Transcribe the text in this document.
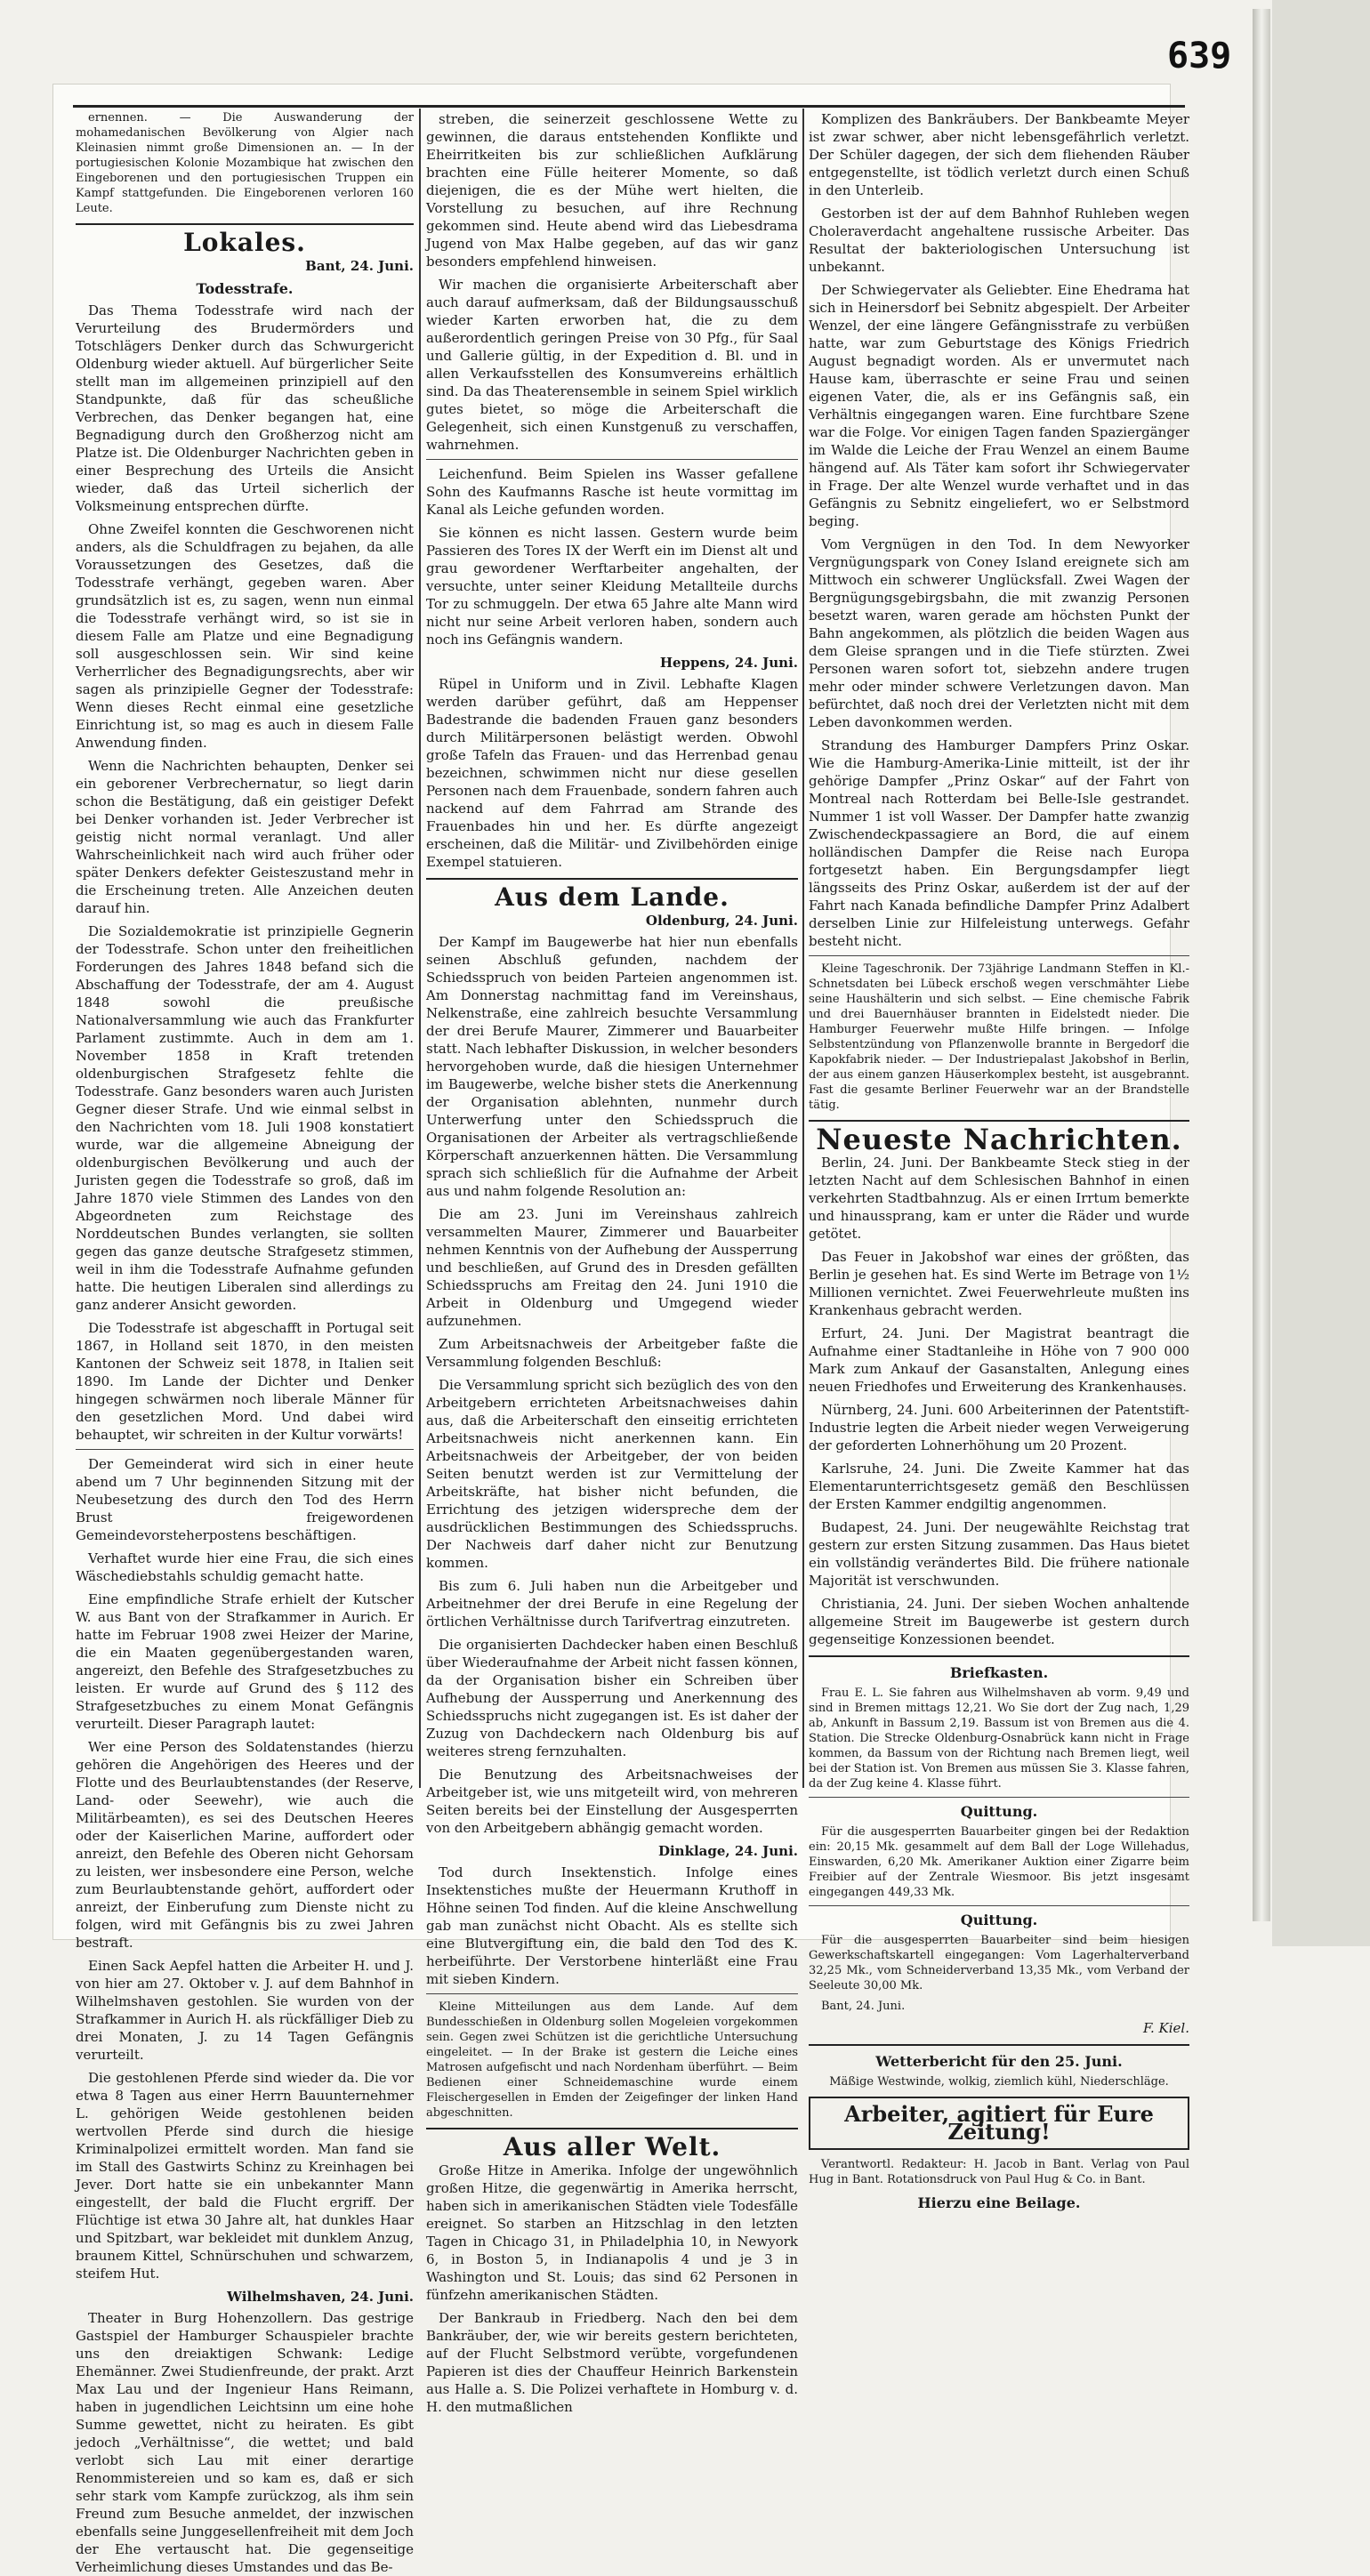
639

ernennen. — Die Auswanderung der mohamedanischen Bevölkerung von Algier nach Kleinasien nimmt große Dimensionen an. — In der portugiesischen Kolonie Mozambique hat zwischen den Eingeborenen und den portugiesischen Truppen ein Kampf stattgefunden. Die Eingeborenen verloren 160 Leute.

Lokales.
Bant, 24. Juni.
Todesstrafe.

Das Thema Todesstrafe wird nach der Verurteilung des Brudermörders und Totschlägers Denker durch das Schwurgericht Oldenburg wieder aktuell. Auf bürgerlicher Seite stellt man im allgemeinen prinzipiell auf den Standpunkte, daß für das scheußliche Verbrechen, das Denker begangen hat, eine Begnadigung durch den Großherzog nicht am Platze ist. Die Oldenburger Nachrichten geben in einer Besprechung des Urteils die Ansicht wieder, daß das Urteil sicherlich der Volksmeinung entsprechen dürfte.

Ohne Zweifel konnten die Geschworenen nicht anders, als die Schuldfragen zu bejahen, da alle Voraussetzungen des Gesetzes, daß die Todesstrafe verhängt, gegeben waren. Aber grundsätzlich ist es, zu sagen, wenn nun einmal die Todesstrafe verhängt wird, so ist sie in diesem Falle am Platze und eine Begnadigung soll ausgeschlossen sein. Wir sind keine Verherrlicher des Begnadigungsrechts, aber wir sagen als prinzipielle Gegner der Todesstrafe: Wenn dieses Recht einmal eine gesetzliche Einrichtung ist, so mag es auch in diesem Falle Anwendung finden.

Wenn die Nachrichten behaupten, Denker sei ein geborener Verbrechernatur, so liegt darin schon die Bestätigung, daß ein geistiger Defekt bei Denker vorhanden ist. Jeder Verbrecher ist geistig nicht normal veranlagt. Und aller Wahrscheinlichkeit nach wird auch früher oder später Denkers defekter Geisteszustand mehr in die Erscheinung treten. Alle Anzeichen deuten darauf hin.

Die Sozialdemokratie ist prinzipielle Gegnerin der Todesstrafe. Schon unter den freiheitlichen Forderungen des Jahres 1848 befand sich die Abschaffung der Todesstrafe, der am 4. August 1848 sowohl die preußische Nationalversammlung wie auch das Frankfurter Parlament zustimmte. Auch in dem am 1. November 1858 in Kraft tretenden oldenburgischen Strafgesetz fehlte die Todesstrafe. Ganz besonders waren auch Juristen Gegner dieser Strafe. Und wie einmal selbst in den Nachrichten vom 18. Juli 1908 konstatiert wurde, war die allgemeine Abneigung der oldenburgischen Bevölkerung und auch der Juristen gegen die Todesstrafe so groß, daß im Jahre 1870 viele Stimmen des Landes von den Abgeordneten zum Reichstage des Norddeutschen Bundes verlangten, sie sollten gegen das ganze deutsche Strafgesetz stimmen, weil in ihm die Todesstrafe Aufnahme gefunden hatte. Die heutigen Liberalen sind allerdings zu ganz anderer Ansicht geworden.

Die Todesstrafe ist abgeschafft in Portugal seit 1867, in Holland seit 1870, in den meisten Kantonen der Schweiz seit 1878, in Italien seit 1890. Im Lande der Dichter und Denker hingegen schwärmen noch liberale Männer für den gesetzlichen Mord. Und dabei wird behauptet, wir schreiten in der Kultur vorwärts!

Der Gemeinderat wird sich in einer heute abend um 7 Uhr beginnenden Sitzung mit der Neubesetzung des durch den Tod des Herrn Brust freigewordenen Gemeindevorsteherpostens beschäftigen.

Verhaftet wurde hier eine Frau, die sich eines Wäschediebstahls schuldig gemacht hatte.

Eine empfindliche Strafe erhielt der Kutscher W. aus Bant von der Strafkammer in Aurich. Er hatte im Februar 1908 zwei Heizer der Marine, die ein Maaten gegenübergestanden waren, angereizt, den Befehle des Strafgesetzbuches zu leisten. Er wurde auf Grund des § 112 des Strafgesetzbuches zu einem Monat Gefängnis verurteilt. Dieser Paragraph lautet:

Wer eine Person des Soldatenstandes (hierzu gehören die Angehörigen des Heeres und der Flotte und des Beurlaubtenstandes (der Reserve, Land- oder Seewehr), wie auch die Militärbeamten), es sei des Deutschen Heeres oder der Kaiserlichen Marine, auffordert oder anreizt, den Befehle des Oberen nicht Gehorsam zu leisten, wer insbesondere eine Person, welche zum Beurlaubtenstande gehört, auffordert oder anreizt, der Einberufung zum Dienste nicht zu folgen, wird mit Gefängnis bis zu zwei Jahren bestraft.

Einen Sack Aepfel hatten die Arbeiter H. und J. von hier am 27. Oktober v. J. auf dem Bahnhof in Wilhelmshaven gestohlen. Sie wurden von der Strafkammer in Aurich H. als rückfälliger Dieb zu drei Monaten, J. zu 14 Tagen Gefängnis verurteilt.

Die gestohlenen Pferde sind wieder da. Die vor etwa 8 Tagen aus einer Herrn Bauunternehmer L. gehörigen Weide gestohlenen beiden wertvollen Pferde sind durch die hiesige Kriminalpolizei ermittelt worden. Man fand sie im Stall des Gastwirts Schinz zu Kreinhagen bei Jever. Dort hatte sie ein unbekannter Mann eingestellt, der bald die Flucht ergriff. Der Flüchtige ist etwa 30 Jahre alt, hat dunkles Haar und Spitzbart, war bekleidet mit dunklem Anzug, braunem Kittel, Schnürschuhen und schwarzem, steifem Hut.

Wilhelmshaven, 24. Juni.

Theater in Burg Hohenzollern. Das gestrige Gastspiel der Hamburger Schauspieler brachte uns den dreiaktigen Schwank: Ledige Ehemänner. Zwei Studienfreunde, der prakt. Arzt Max Lau und der Ingenieur Hans Reimann, haben in jugendlichen Leichtsinn um eine hohe Summe gewettet, nicht zu heiraten. Es gibt jedoch „Verhältnisse“, die wettet; und bald verlobt sich Lau mit einer derartige Renommistereien und so kam es, daß er sich sehr stark vom Kampfe zurückzog, als ihm sein Freund zum Besuche anmeldet, der inzwischen ebenfalls seine Junggesellenfreiheit mit dem Joch der Ehe vertauscht hat. Die gegenseitige Verheimlichung dieses Umstandes und das Be-

streben, die seinerzeit geschlossene Wette zu gewinnen, die daraus entstehenden Konflikte und Eheirritkeiten bis zur schließlichen Aufklärung brachten eine Fülle heiterer Momente, so daß diejenigen, die es der Mühe wert hielten, die Vorstellung zu besuchen, auf ihre Rechnung gekommen sind. Heute abend wird das Liebesdrama Jugend von Max Halbe gegeben, auf das wir ganz besonders empfehlend hinweisen.

Wir machen die organisierte Arbeiterschaft aber auch darauf aufmerksam, daß der Bildungsausschuß wieder Karten erworben hat, die zu dem außerordentlich geringen Preise von 30 Pfg., für Saal und Gallerie gültig, in der Expedition d. Bl. und in allen Verkaufsstellen des Konsumvereins erhältlich sind. Da das Theaterensemble in seinem Spiel wirklich gutes bietet, so möge die Arbeiterschaft die Gelegenheit, sich einen Kunstgenuß zu verschaffen, wahrnehmen.

Leichenfund. Beim Spielen ins Wasser gefallene Sohn des Kaufmanns Rasche ist heute vormittag im Kanal als Leiche gefunden worden.

Sie können es nicht lassen. Gestern wurde beim Passieren des Tores IX der Werft ein im Dienst alt und grau gewordener Werftarbeiter angehalten, der versuchte, unter seiner Kleidung Metallteile durchs Tor zu schmuggeln. Der etwa 65 Jahre alte Mann wird nicht nur seine Arbeit verloren haben, sondern auch noch ins Gefängnis wandern.

Heppens, 24. Juni.

Rüpel in Uniform und in Zivil. Lebhafte Klagen werden darüber geführt, daß am Heppenser Badestrande die badenden Frauen ganz besonders durch Militärpersonen belästigt werden. Obwohl große Tafeln das Frauen- und das Herrenbad genau bezeichnen, schwimmen nicht nur diese gesellen Personen nach dem Frauenbade, sondern fahren auch nackend auf dem Fahrrad am Strande des Frauenbades hin und her. Es dürfte angezeigt erscheinen, daß die Militär- und Zivilbehörden einige Exempel statuieren.

Aus dem Lande.
Oldenburg, 24. Juni.

Der Kampf im Baugewerbe hat hier nun ebenfalls seinen Abschluß gefunden, nachdem der Schiedsspruch von beiden Parteien angenommen ist. Am Donnerstag nachmittag fand im Vereinshaus, Nelkenstraße, eine zahlreich besuchte Versammlung der drei Berufe Maurer, Zimmerer und Bauarbeiter statt. Nach lebhafter Diskussion, in welcher besonders hervorgehoben wurde, daß die hiesigen Unternehmer im Baugewerbe, welche bisher stets die Anerkennung der Organisation ablehnten, nunmehr durch Unterwerfung unter den Schiedsspruch die Organisationen der Arbeiter als vertragschließende Körperschaft anzuerkennen hätten. Die Versammlung sprach sich schließlich für die Aufnahme der Arbeit aus und nahm folgende Resolution an:

Die am 23. Juni im Vereinshaus zahlreich versammelten Maurer, Zimmerer und Bauarbeiter nehmen Kenntnis von der Aufhebung der Aussperrung und beschließen, auf Grund des in Dresden gefällten Schiedsspruchs am Freitag den 24. Juni 1910 die Arbeit in Oldenburg und Umgegend wieder aufzunehmen.

Zum Arbeitsnachweis der Arbeitgeber faßte die Versammlung folgenden Beschluß:

Die Versammlung spricht sich bezüglich des von den Arbeitgebern errichteten Arbeitsnachweises dahin aus, daß die Arbeiterschaft den einseitig errichteten Arbeitsnachweis nicht anerkennen kann. Ein Arbeitsnachweis der Arbeitgeber, der von beiden Seiten benutzt werden ist zur Vermittelung der Arbeitskräfte, hat bisher nicht befunden, die Errichtung des jetzigen widerspreche dem der ausdrücklichen Bestimmungen des Schiedsspruchs. Der Nachweis darf daher nicht zur Benutzung kommen.

Bis zum 6. Juli haben nun die Arbeitgeber und Arbeitnehmer der drei Berufe in eine Regelung der örtlichen Verhältnisse durch Tarifvertrag einzutreten.

Die organisierten Dachdecker haben einen Beschluß über Wiederaufnahme der Arbeit nicht fassen können, da der Organisation bisher ein Schreiben über Aufhebung der Aussperrung und Anerkennung des Schiedsspruchs nicht zugegangen ist. Es ist daher der Zuzug von Dachdeckern nach Oldenburg bis auf weiteres streng fernzuhalten.

Die Benutzung des Arbeitsnachweises der Arbeitgeber ist, wie uns mitgeteilt wird, von mehreren Seiten bereits bei der Einstellung der Ausgesperrten von den Arbeitgebern abhängig gemacht worden.

Dinklage, 24. Juni.

Tod durch Insektenstich. Infolge eines Insektenstiches mußte der Heuermann Kruthoff in Höhne seinen Tod finden. Auf die kleine Anschwellung gab man zunächst nicht Obacht. Als es stellte sich eine Blutvergiftung ein, die bald den Tod des K. herbeiführte. Der Verstorbene hinterläßt eine Frau mit sieben Kindern.

Kleine Mitteilungen aus dem Lande. Auf dem Bundesschießen in Oldenburg sollen Mogeleien vorgekommen sein. Gegen zwei Schützen ist die gerichtliche Untersuchung eingeleitet. — In der Brake ist gestern die Leiche eines Matrosen aufgefischt und nach Nordenham überführt. — Beim Bedienen einer Schneidemaschine wurde einem Fleischergesellen in Emden der Zeigefinger der linken Hand abgeschnitten.

Aus aller Welt.

Große Hitze in Amerika. Infolge der ungewöhnlich großen Hitze, die gegenwärtig in Amerika herrscht, haben sich in amerikanischen Städten viele Todesfälle ereignet. So starben an Hitzschlag in den letzten Tagen in Chicago 31, in Philadelphia 10, in Newyork 6, in Boston 5, in Indianapolis 4 und je 3 in Washington und St. Louis; das sind 62 Personen in fünfzehn amerikanischen Städten.

Der Bankraub in Friedberg. Nach den bei dem Bankräuber, der, wie wir bereits gestern berichteten, auf der Flucht Selbstmord verübte, vorgefundenen Papieren ist dies der Chauffeur Heinrich Barkenstein aus Halle a. S. Die Polizei verhaftete in Homburg v. d. H. den mutmaßlichen

Komplizen des Bankräubers. Der Bankbeamte Meyer ist zwar schwer, aber nicht lebensgefährlich verletzt. Der Schüler dagegen, der sich dem fliehenden Räuber entgegenstellte, ist tödlich verletzt durch einen Schuß in den Unterleib.

Gestorben ist der auf dem Bahnhof Ruhleben wegen Choleraverdacht angehaltene russische Arbeiter. Das Resultat der bakteriologischen Untersuchung ist unbekannt.

Der Schwiegervater als Geliebter. Eine Ehedrama hat sich in Heinersdorf bei Sebnitz abgespielt. Der Arbeiter Wenzel, der eine längere Gefängnisstrafe zu verbüßen hatte, war zum Geburtstage des Königs Friedrich August begnadigt worden. Als er unvermutet nach Hause kam, überraschte er seine Frau und seinen eigenen Vater, die, als er ins Gefängnis saß, ein Verhältnis eingegangen waren. Eine furchtbare Szene war die Folge. Vor einigen Tagen fanden Spaziergänger im Walde die Leiche der Frau Wenzel an einem Baume hängend auf. Als Täter kam sofort ihr Schwiegervater in Frage. Der alte Wenzel wurde verhaftet und in das Gefängnis zu Sebnitz eingeliefert, wo er Selbstmord beging.

Vom Vergnügen in den Tod. In dem Newyorker Vergnügungspark von Coney Island ereignete sich am Mittwoch ein schwerer Unglücksfall. Zwei Wagen der Bergnügungsgebirgsbahn, die mit zwanzig Personen besetzt waren, waren gerade am höchsten Punkt der Bahn angekommen, als plötzlich die beiden Wagen aus dem Gleise sprangen und in die Tiefe stürzten. Zwei Personen waren sofort tot, siebzehn andere trugen mehr oder minder schwere Verletzungen davon. Man befürchtet, daß noch drei der Verletzten nicht mit dem Leben davonkommen werden.

Strandung des Hamburger Dampfers Prinz Oskar. Wie die Hamburg-Amerika-Linie mitteilt, ist der ihr gehörige Dampfer „Prinz Oskar“ auf der Fahrt von Montreal nach Rotterdam bei Belle-Isle gestrandet. Nummer 1 ist voll Wasser. Der Dampfer hatte zwanzig Zwischendeckpassagiere an Bord, die auf einem holländischen Dampfer die Reise nach Europa fortgesetzt haben. Ein Bergungsdampfer liegt längsseits des Prinz Oskar, außerdem ist der auf der Fahrt nach Kanada befindliche Dampfer Prinz Adalbert derselben Linie zur Hilfeleistung unterwegs. Gefahr besteht nicht.

Kleine Tageschronik. Der 73jährige Landmann Steffen in Kl.-Schnetsdaten bei Lübeck erschoß wegen verschmähter Liebe seine Haushälterin und sich selbst. — Eine chemische Fabrik und drei Bauernhäuser brannten in Eidelstedt nieder. Die Hamburger Feuerwehr mußte Hilfe bringen. — Infolge Selbstentzündung von Pflanzenwolle brannte in Bergedorf die Kapokfabrik nieder. — Der Industriepalast Jakobshof in Berlin, der aus einem ganzen Häuserkomplex besteht, ist ausgebrannt. Fast die gesamte Berliner Feuerwehr war an der Brandstelle tätig.

Neueste Nachrichten.

Berlin, 24. Juni. Der Bankbeamte Steck stieg in der letzten Nacht auf dem Schlesischen Bahnhof in einen verkehrten Stadtbahnzug. Als er einen Irrtum bemerkte und hinaussprang, kam er unter die Räder und wurde getötet.

Das Feuer in Jakobshof war eines der größten, das Berlin je gesehen hat. Es sind Werte im Betrage von 1½ Millionen vernichtet. Zwei Feuerwehrleute mußten ins Krankenhaus gebracht werden.

Erfurt, 24. Juni. Der Magistrat beantragt die Aufnahme einer Stadtanleihe in Höhe von 7 900 000 Mark zum Ankauf der Gasanstalten, Anlegung eines neuen Friedhofes und Erweiterung des Krankenhauses.

Nürnberg, 24. Juni. 600 Arbeiterinnen der Patentstift-Industrie legten die Arbeit nieder wegen Verweigerung der geforderten Lohnerhöhung um 20 Prozent.

Karlsruhe, 24. Juni. Die Zweite Kammer hat das Elementarunterrichtsgesetz gemäß den Beschlüssen der Ersten Kammer endgiltig angenommen.

Budapest, 24. Juni. Der neugewählte Reichstag trat gestern zur ersten Sitzung zusammen. Das Haus bietet ein vollständig verändertes Bild. Die frühere nationale Majorität ist verschwunden.

Christiania, 24. Juni. Der sieben Wochen anhaltende allgemeine Streit im Baugewerbe ist gestern durch gegenseitige Konzessionen beendet.

Briefkasten.

Frau E. L. Sie fahren aus Wilhelmshaven ab vorm. 9,49 und sind in Bremen mittags 12,21. Wo Sie dort der Zug nach, 1,29 ab, Ankunft in Bassum 2,19. Bassum ist von Bremen aus die 4. Station. Die Strecke Oldenburg-Osnabrück kann nicht in Frage kommen, da Bassum von der Richtung nach Bremen liegt, weil bei der Station ist. Von Bremen aus müssen Sie 3. Klasse fahren, da der Zug keine 4. Klasse führt.

Quittung.

Für die ausgesperrten Bauarbeiter gingen bei der Redaktion ein: 20,15 Mk. gesammelt auf dem Ball der Loge Willehadus, Einswarden, 6,20 Mk. Amerikaner Auktion einer Zigarre beim Freibier auf der Zentrale Wiesmoor. Bis jetzt insgesamt eingegangen 449,33 Mk.

Quittung.

Für die ausgesperrten Bauarbeiter sind beim hiesigen Gewerkschaftskartell eingegangen: Vom Lagerhalterverband 32,25 Mk., vom Schneiderverband 13,35 Mk., vom Verband der Seeleute 30,00 Mk.

Bant, 24. Juni.

F. Kiel.
Wetterbericht für den 25. Juni.

Mäßige Westwinde, wolkig, ziemlich kühl, Niederschläge.

Arbeiter, agitiert für Eure Zeitung!

Verantwortl. Redakteur: H. Jacob in Bant. Verlag von Paul Hug in Bant. Rotationsdruck von Paul Hug & Co. in Bant.

Hierzu eine Beilage.
